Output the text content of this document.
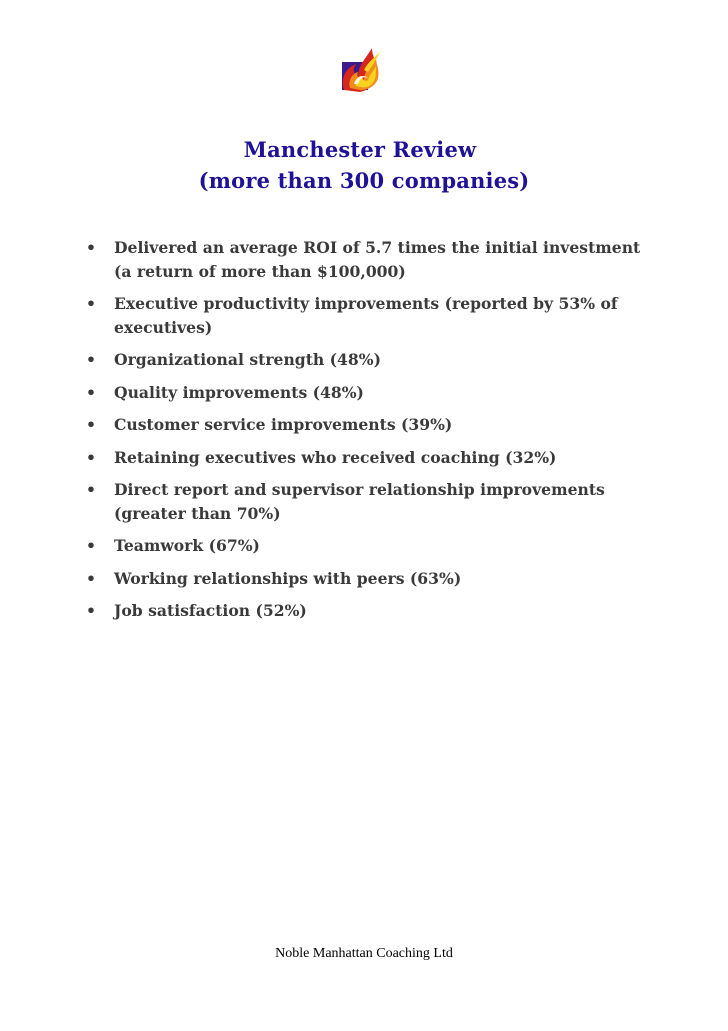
Manchester Review
(more than 300 companies)
• Delivered an average ROI of 5.7 times the initial investment (a return of more than $100,000)
• Executive productivity improvements (reported by 53% of executives)
• Organizational strength (48%)
• Quality improvements (48%)
• Customer service improvements (39%)
• Retaining executives who received coaching (32%)
• Direct report and supervisor relationship improvements (greater than 70%)
• Teamwork (67%)
• Working relationships with peers (63%)
• Job satisfaction (52%)
Noble Manhattan Coaching Ltd
